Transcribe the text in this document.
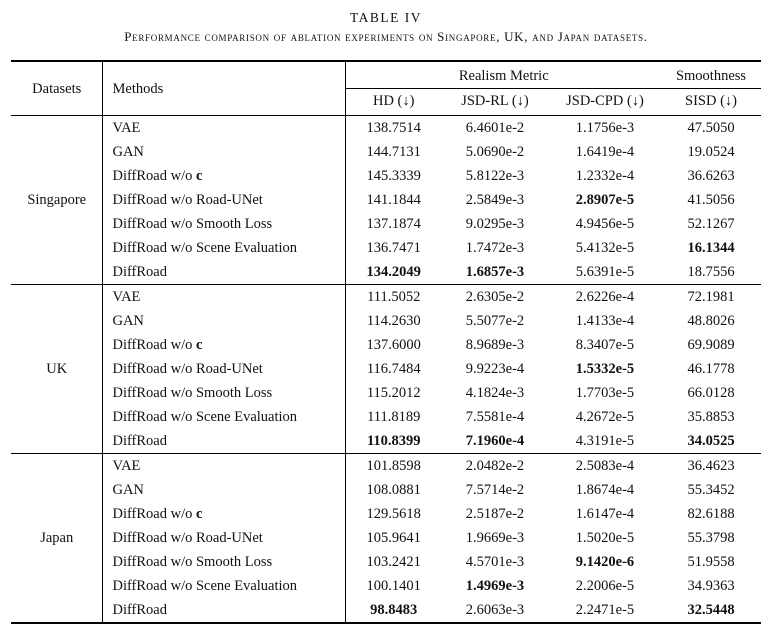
TABLE IV
Performance comparison of ablation experiments on Singapore, UK, and Japan datasets.
Datasets	Methods	Realism Metric			Smoothness
		HD (↓)	JSD-RL (↓)	JSD-CPD (↓)	SISD (↓)
Singapore	VAE	138.7514	6.4601e-2	1.1756e-3	47.5050
	GAN	144.7131	5.0690e-2	1.6419e-4	19.0524
	DiffRoad w/o c	145.3339	5.8122e-3	1.2332e-4	36.6263
	DiffRoad w/o Road-UNet	141.1844	2.5849e-3	2.8907e-5	41.5056
	DiffRoad w/o Smooth Loss	137.1874	9.0295e-3	4.9456e-5	52.1267
	DiffRoad w/o Scene Evaluation	136.7471	1.7472e-3	5.4132e-5	16.1344
	DiffRoad	134.2049	1.6857e-3	5.6391e-5	18.7556
UK	VAE	111.5052	2.6305e-2	2.6226e-4	72.1981
	GAN	114.2630	5.5077e-2	1.4133e-4	48.8026
	DiffRoad w/o c	137.6000	8.9689e-3	8.3407e-5	69.9089
	DiffRoad w/o Road-UNet	116.7484	9.9223e-4	1.5332e-5	46.1778
	DiffRoad w/o Smooth Loss	115.2012	4.1824e-3	1.7703e-5	66.0128
	DiffRoad w/o Scene Evaluation	111.8189	7.5581e-4	4.2672e-5	35.8853
	DiffRoad	110.8399	7.1960e-4	4.3191e-5	34.0525
Japan	VAE	101.8598	2.0482e-2	2.5083e-4	36.4623
	GAN	108.0881	7.5714e-2	1.8674e-4	55.3452
	DiffRoad w/o c	129.5618	2.5187e-2	1.6147e-4	82.6188
	DiffRoad w/o Road-UNet	105.9641	1.9669e-3	1.5020e-5	55.3798
	DiffRoad w/o Smooth Loss	103.2421	4.5701e-3	9.1420e-6	51.9558
	DiffRoad w/o Scene Evaluation	100.1401	1.4969e-3	2.2006e-5	34.9363
	DiffRoad	98.8483	2.6063e-3	2.2471e-5	32.5448
